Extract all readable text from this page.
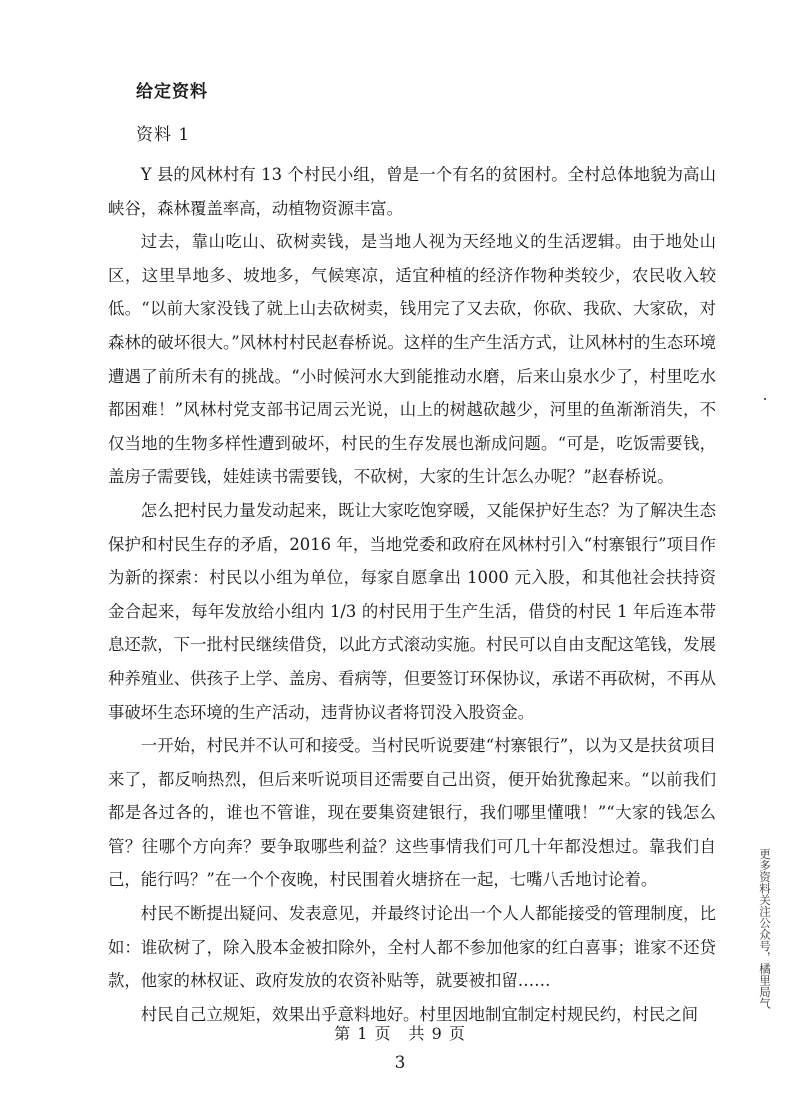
给定资料
资料 1

Y 县的风林村有 13 个村民小组，曾是一个有名的贫困村。全村总体地貌为高山峡谷，森林覆盖率高，动植物资源丰富。

过去，靠山吃山、砍树卖钱，是当地人视为天经地义的生活逻辑。由于地处山区，这里旱地多、坡地多，气候寒凉，适宜种植的经济作物种类较少，农民收入较低。“以前大家没钱了就上山去砍树卖，钱用完了又去砍，你砍、我砍、大家砍，对森林的破坏很大。”风林村村民赵春桥说。这样的生产生活方式，让风林村的生态环境遭遇了前所未有的挑战。“小时候河水大到能推动水磨，后来山泉水少了，村里吃水都困难！”风林村党支部书记周云光说，山上的树越砍越少，河里的鱼渐渐消失，不仅当地的生物多样性遭到破坏，村民的生存发展也渐成问题。“可是，吃饭需要钱，盖房子需要钱，娃娃读书需要钱，不砍树，大家的生计怎么办呢？”赵春桥说。

怎么把村民力量发动起来，既让大家吃饱穿暖，又能保护好生态？为了解决生态保护和村民生存的矛盾，2016 年，当地党委和政府在风林村引入“村寨银行”项目作为新的探索：村民以小组为单位，每家自愿拿出 1000 元入股，和其他社会扶持资金合起来，每年发放给小组内 1/3 的村民用于生产生活，借贷的村民 1 年后连本带息还款，下一批村民继续借贷，以此方式滚动实施。村民可以自由支配这笔钱，发展种养殖业、供孩子上学、盖房、看病等，但要签订环保协议，承诺不再砍树，不再从事破坏生态环境的生产活动，违背协议者将罚没入股资金。

一开始，村民并不认可和接受。当村民听说要建“村寨银行”，以为又是扶贫项目来了，都反响热烈，但后来听说项目还需要自己出资，便开始犹豫起来。“以前我们都是各过各的，谁也不管谁，现在要集资建银行，我们哪里懂哦！”“大家的钱怎么管？往哪个方向奔？要争取哪些利益？这些事情我们可几十年都没想过。靠我们自己，能行吗？”在一个个夜晚，村民围着火塘挤在一起，七嘴八舌地讨论着。

村民不断提出疑问、发表意见，并最终讨论出一个人人都能接受的管理制度，比如：谁砍树了，除入股本金被扣除外，全村人都不参加他家的红白喜事；谁家不还贷款，他家的林权证、政府发放的农资补贴等，就要被扣留……

村民自己立规矩，效果出乎意料地好。村里因地制宜制定村规民约，村民之间

第 1 页　共 9 页
3
更多资料关注公众号，橘里局气
